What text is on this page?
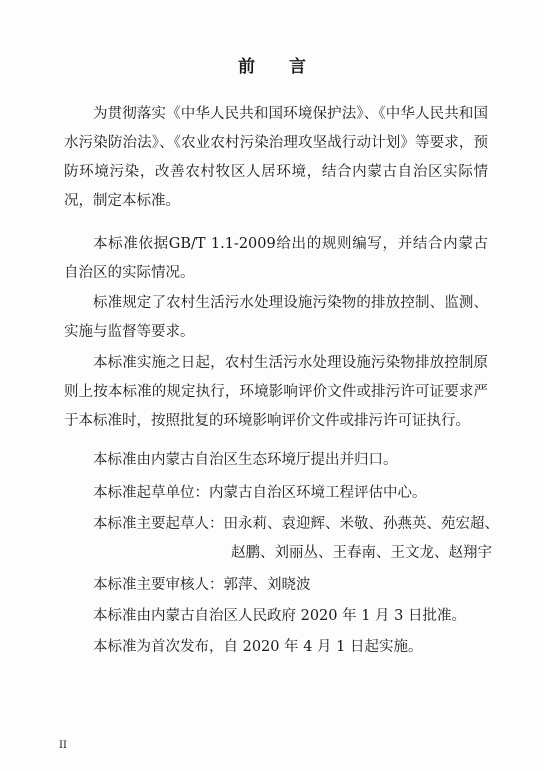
前 言

为贯彻落实《中华人民共和国环境保护法》、《中华人民共和国水污染防治法》、《农业农村污染治理攻坚战行动计划》等要求，预防环境污染，改善农村牧区人居环境，结合内蒙古自治区实际情况，制定本标准。

本标准依据GB/T 1.1-2009给出的规则编写，并结合内蒙古自治区的实际情况。

标准规定了农村生活污水处理设施污染物的排放控制、监测、实施与监督等要求。

本标准实施之日起，农村生活污水处理设施污染物排放控制原则上按本标准的规定执行，环境影响评价文件或排污许可证要求严于本标准时，按照批复的环境影响评价文件或排污许可证执行。

本标准由内蒙古自治区生态环境厅提出并归口。

本标准起草单位：内蒙古自治区环境工程评估中心。

本标准主要起草人：田永莉、袁迎辉、米敬、孙燕英、苑宏超、
赵鹏、刘丽丛、王春南、王文龙、赵翔宇

本标准主要审核人：郭萍、刘晓波

本标准由内蒙古自治区人民政府 2020 年 1 月 3 日批准。

本标准为首次发布，自 2020 年 4 月 1 日起实施。

II
